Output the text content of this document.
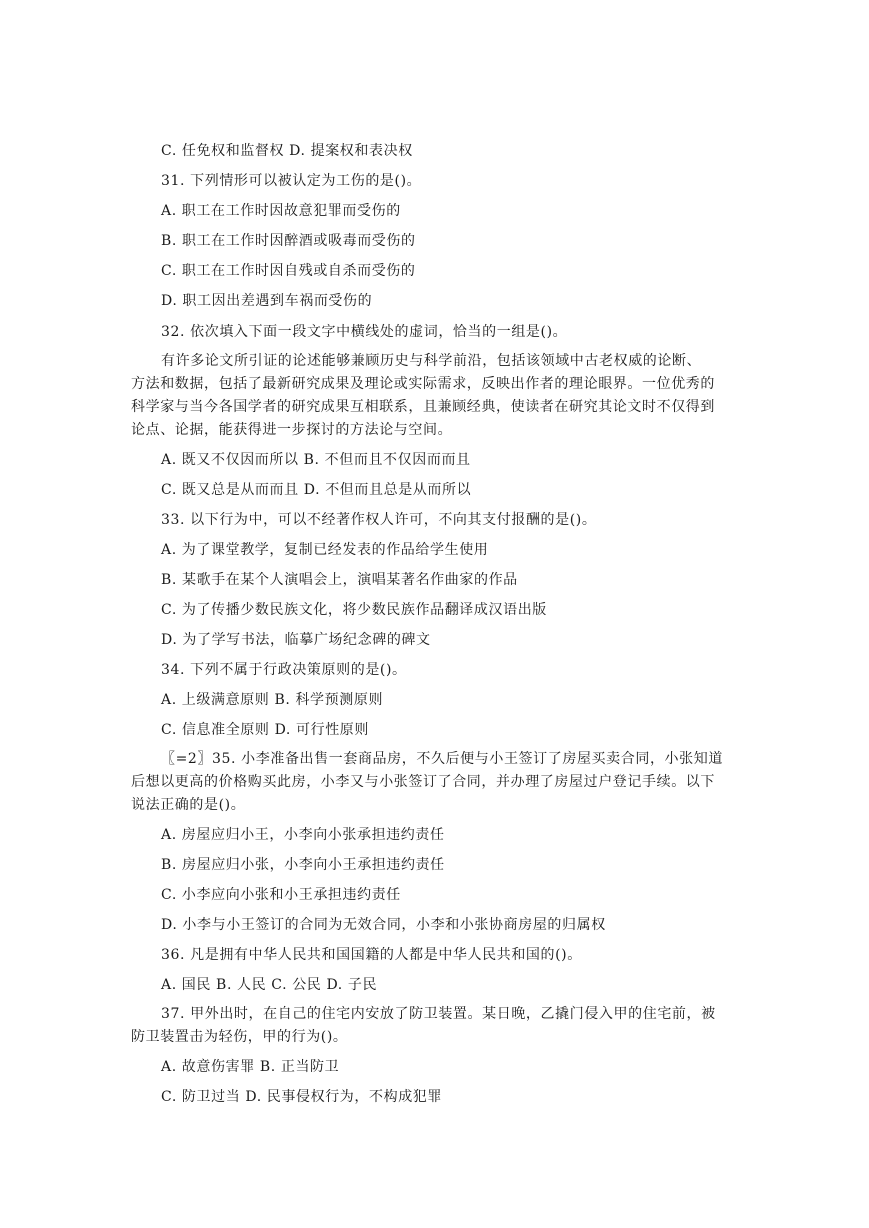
C. 任免权和监督权 D. 提案权和表决权

31. 下列情形可以被认定为工伤的是()。

A. 职工在工作时因故意犯罪而受伤的

B. 职工在工作时因醉酒或吸毒而受伤的

C. 职工在工作时因自残或自杀而受伤的

D. 职工因出差遇到车祸而受伤的

32. 依次填入下面一段文字中横线处的虚词，恰当的一组是()。

有许多论文所引证的论述能够兼顾历史与科学前沿，包括该领域中古老权威的论断、

方法和数据，包括了最新研究成果及理论或实际需求，反映出作者的理论眼界。一位优秀的

科学家与当今各国学者的研究成果互相联系，且兼顾经典，使读者在研究其论文时不仅得到

论点、论据，能获得进一步探讨的方法论与空间。

A. 既又不仅因而所以 B. 不但而且不仅因而而且

C. 既又总是从而而且 D. 不但而且总是从而所以

33. 以下行为中，可以不经著作权人许可，不向其支付报酬的是()。

A. 为了课堂教学，复制已经发表的作品给学生使用

B. 某歌手在某个人演唱会上，演唱某著名作曲家的作品

C. 为了传播少数民族文化，将少数民族作品翻译成汉语出版

D. 为了学写书法，临摹广场纪念碑的碑文

34. 下列不属于行政决策原则的是()。

A. 上级满意原则 B. 科学预测原则

C. 信息准全原则 D. 可行性原则

〖=2〗35. 小李准备出售一套商品房，不久后便与小王签订了房屋买卖合同，小张知道

后想以更高的价格购买此房，小李又与小张签订了合同，并办理了房屋过户登记手续。以下

说法正确的是()。

A. 房屋应归小王，小李向小张承担违约责任

B. 房屋应归小张，小李向小王承担违约责任

C. 小李应向小张和小王承担违约责任

D. 小李与小王签订的合同为无效合同，小李和小张协商房屋的归属权

36. 凡是拥有中华人民共和国国籍的人都是中华人民共和国的()。

A. 国民 B. 人民 C. 公民 D. 子民

37. 甲外出时，在自己的住宅内安放了防卫装置。某日晚，乙撬门侵入甲的住宅前，被

防卫装置击为轻伤，甲的行为()。

A. 故意伤害罪 B. 正当防卫

C. 防卫过当 D. 民事侵权行为，不构成犯罪
